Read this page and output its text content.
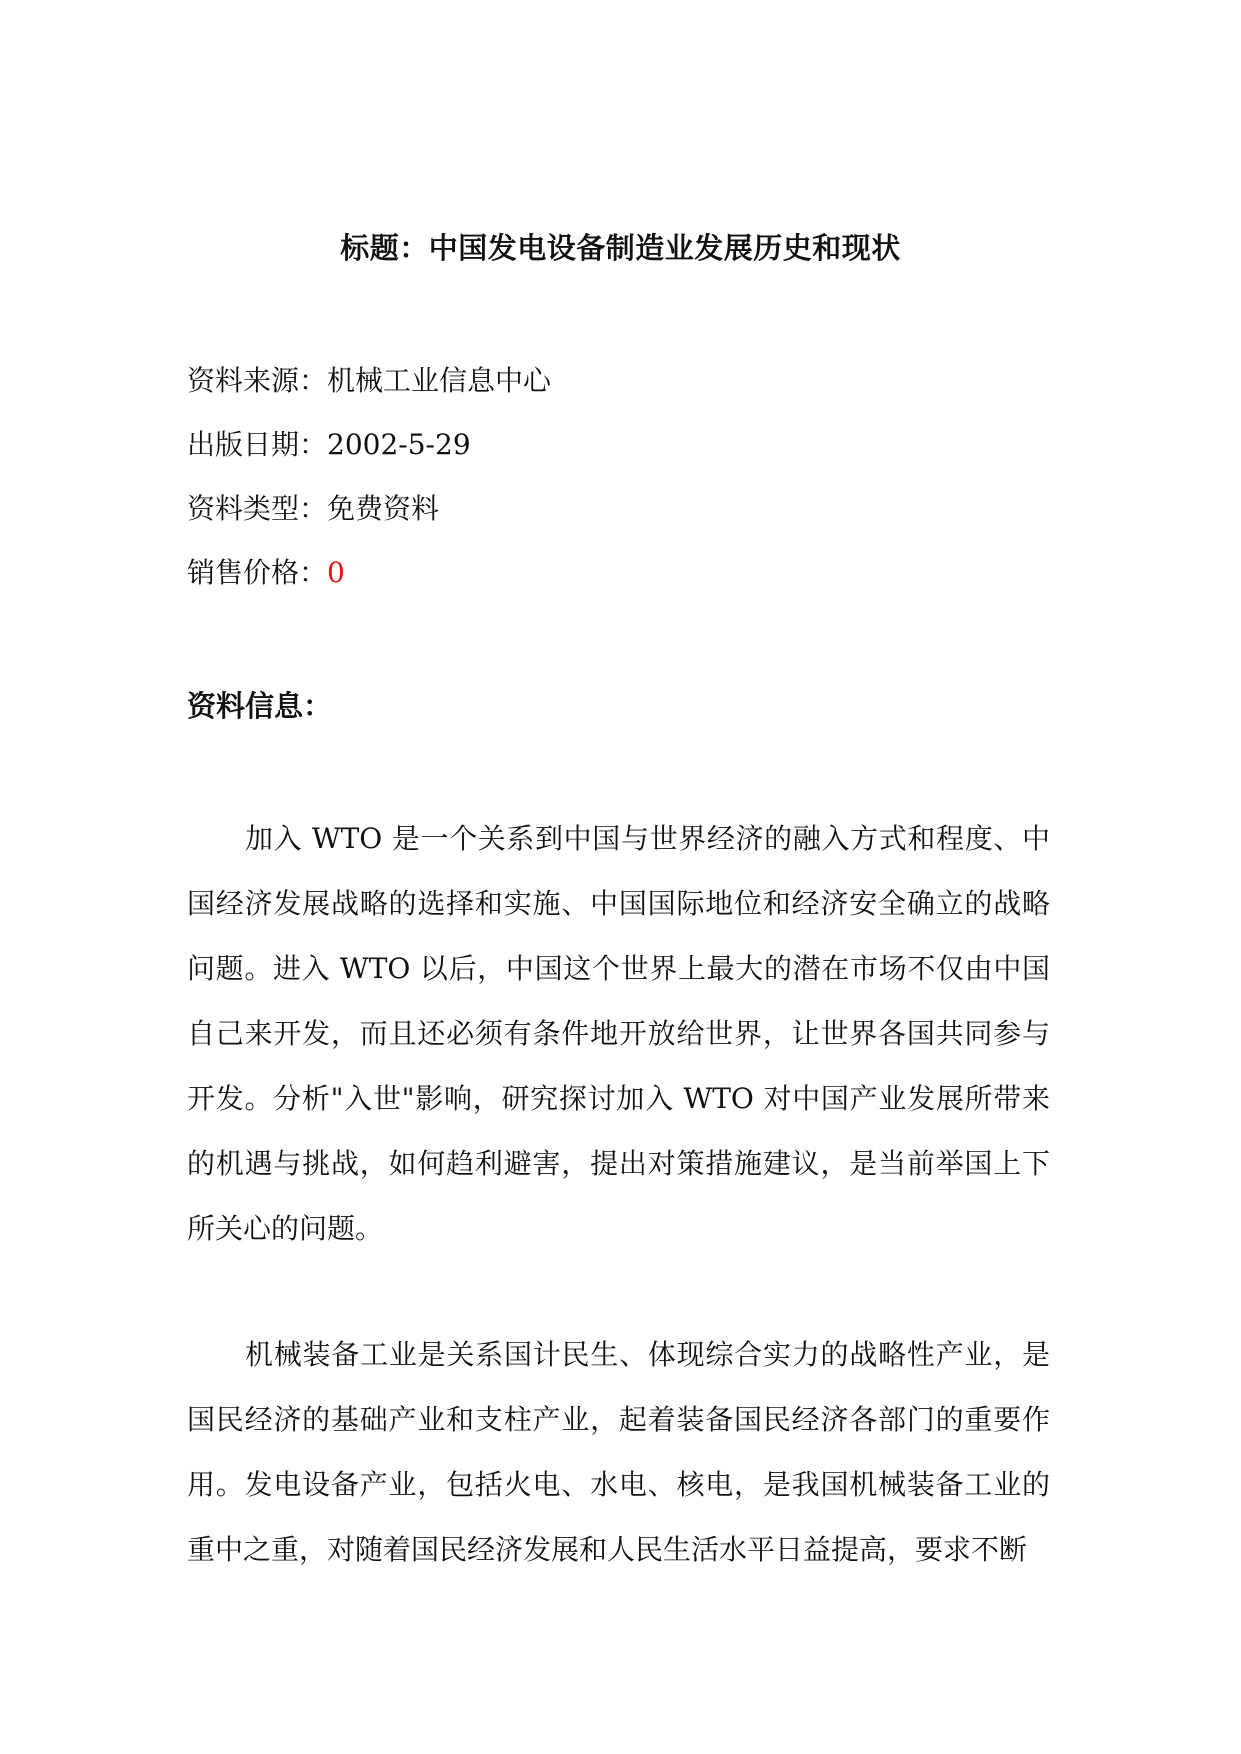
标题：中国发电设备制造业发展历史和现状
资料来源：机械工业信息中心
出版日期：2002-5-29
资料类型：免费资料
销售价格：0
资料信息：

加入 WTO 是一个关系到中国与世界经济的融入方式和程度、中国经济发展战略的选择和实施、中国国际地位和经济安全确立的战略问题。进入 WTO 以后，中国这个世界上最大的潜在市场不仅由中国自己来开发，而且还必须有条件地开放给世界，让世界各国共同参与开发。分析"入世"影响，研究探讨加入 WTO 对中国产业发展所带来的机遇与挑战，如何趋利避害，提出对策措施建议，是当前举国上下所关心的问题。

机械装备工业是关系国计民生、体现综合实力的战略性产业，是国民经济的基础产业和支柱产业，起着装备国民经济各部门的重要作用。发电设备产业，包括火电、水电、核电，是我国机械装备工业的重中之重，对随着国民经济发展和人民生活水平日益提高，要求不断
